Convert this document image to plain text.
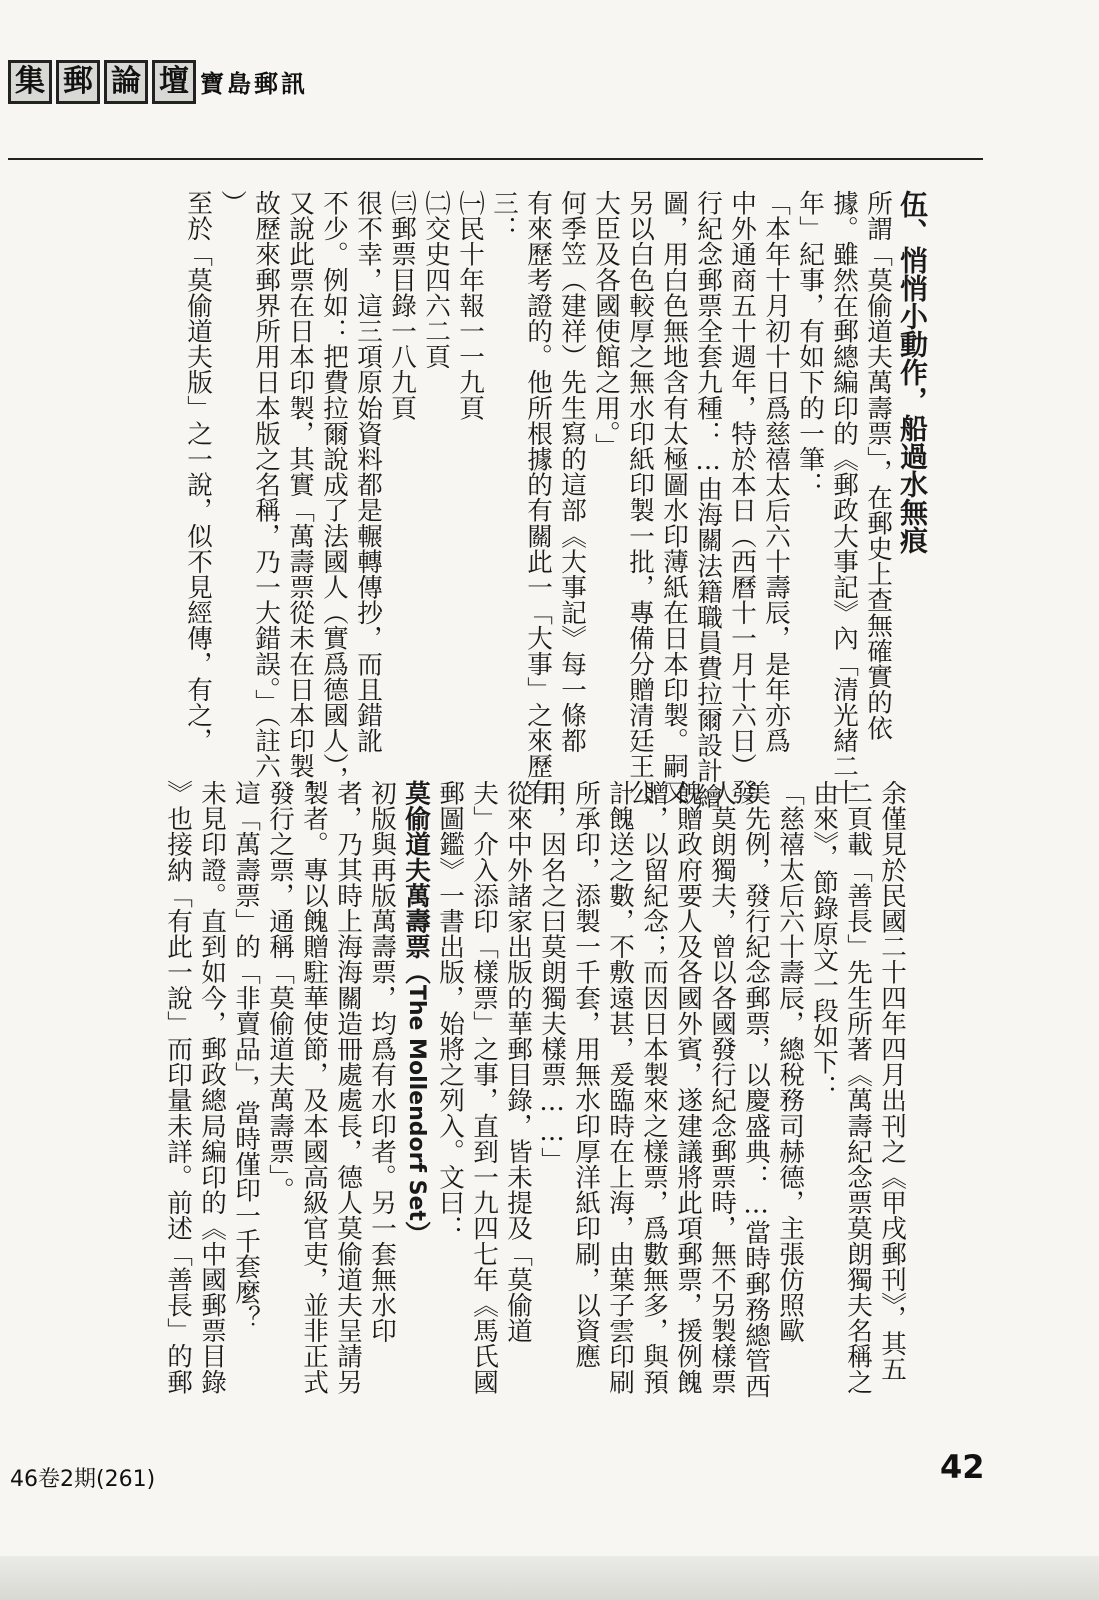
集 郵 論 壇 寶島郵訊
伍、悄悄小動作，船過水無痕
所謂「莫偷道夫萬壽票」，在郵史上查無確實的依
據。雖然在郵總編印的《郵政大事記》內「清光緒二十
年」紀事，有如下的一筆：
「本年十月初十日爲慈禧太后六十壽辰，是年亦爲
中外通商五十週年，特於本日（西曆十一月十六日）發
行紀念郵票全套九種：…由海關法籍職員費拉爾設計繪
圖，用白色無地含有太極圖水印薄紙在日本印製。嗣又
另以白色較厚之無水印紙印製一批，專備分贈清廷王公
大臣及各國使館之用。」
何季笠（建祥）先生寫的這部《大事記》每一條都
有來歷考證的。他所根據的有關此一「大事」之來歷有
三：
㈠民十年報一一九頁
㈡交史四六二頁
㈢郵票目錄一八九頁
很不幸，這三項原始資料都是輾轉傳抄，而且錯訛
不少。例如：把費拉爾說成了法國人（實爲德國人），
又說此票在日本印製，其實「萬壽票從未在日本印製，
故歷來郵界所用日本版之名稱，乃一大錯誤。」（註六
）
至於「莫偷道夫版」之一說，似不見經傳，有之，
余僅見於民國二十四年四月出刊之《甲戌郵刊》，其五
二頁載「善長」先生所著《萬壽紀念票莫朗獨夫名稱之
由來》，節錄原文一段如下：
「慈禧太后六十壽辰，總稅務司赫德，主張仿照歐
美先例，發行紀念郵票，以慶盛典：…當時郵務總管西
人莫朗獨夫，曾以各國發行紀念郵票時，無不另製樣票
餽贈政府要人及各國外賓，遂建議將此項郵票，援例餽
贈，以留紀念；而因日本製來之樣票，爲數無多，與預
計餽送之數，不敷遠甚，爰臨時在上海，由葉子雲印刷
所承印，添製一千套，用無水印厚洋紙印刷，以資應
用，因名之曰莫朗獨夫樣票……」
從來中外諸家出版的華郵目錄，皆未提及「莫偷道
夫」介入添印「樣票」之事，直到一九四七年《馬氏國
郵圖鑑》一書出版，始將之列入。文曰：
莫偷道夫萬壽票（The Mollendorf Set）
初版與再版萬壽票，均爲有水印者。另一套無水印
者，乃其時上海海關造冊處處長，德人莫偷道夫呈請另
製者。專以餽贈駐華使節，及本國高級官吏，並非正式
發行之票，通稱「莫偷道夫萬壽票」。
這「萬壽票」的「非賣品」，當時僅印一千套麼？
未見印證。直到如今，郵政總局編印的《中國郵票目錄
》也接納「有此一說」而印量未詳。前述「善長」的郵
46卷2期(261)	42
